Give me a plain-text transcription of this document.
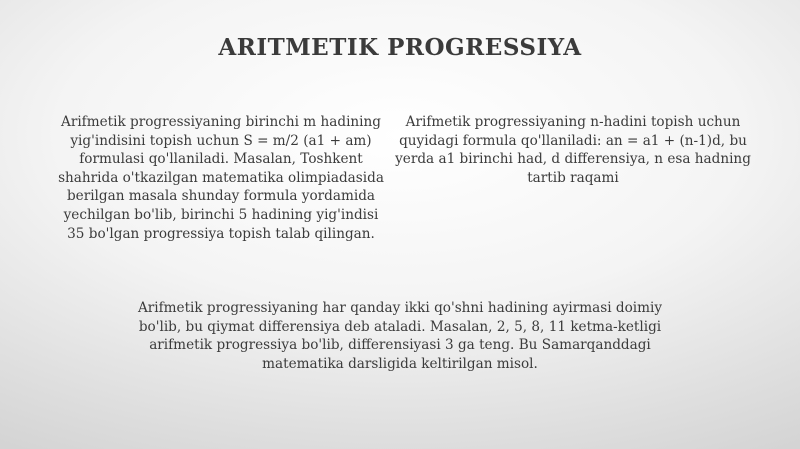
ARITMETIK PROGRESSIYA

Arifmetik progressiyaning birinchi m hadining yig'indisini topish uchun S = m/2 (a1 + am) formulasi qo'llaniladi. Masalan, Toshkent shahrida o'tkazilgan matematika olimpiadasida berilgan masala shunday formula yordamida yechilgan bo'lib, birinchi 5 hadining yig'indisi 35 bo'lgan progressiya topish talab qilingan.

Arifmetik progressiyaning n-hadini topish uchun quyidagi formula qo'llaniladi: an = a1 + (n-1)d, bu yerda a1 birinchi had, d differensiya, n esa hadning tartib raqami

Arifmetik progressiyaning har qanday ikki qo'shni hadining ayirmasi doimiy bo'lib, bu qiymat differensiya deb ataladi. Masalan, 2, 5, 8, 11 ketma-ketligi arifmetik progressiya bo'lib, differensiyasi 3 ga teng. Bu Samarqanddagi matematika darsligida keltirilgan misol.
